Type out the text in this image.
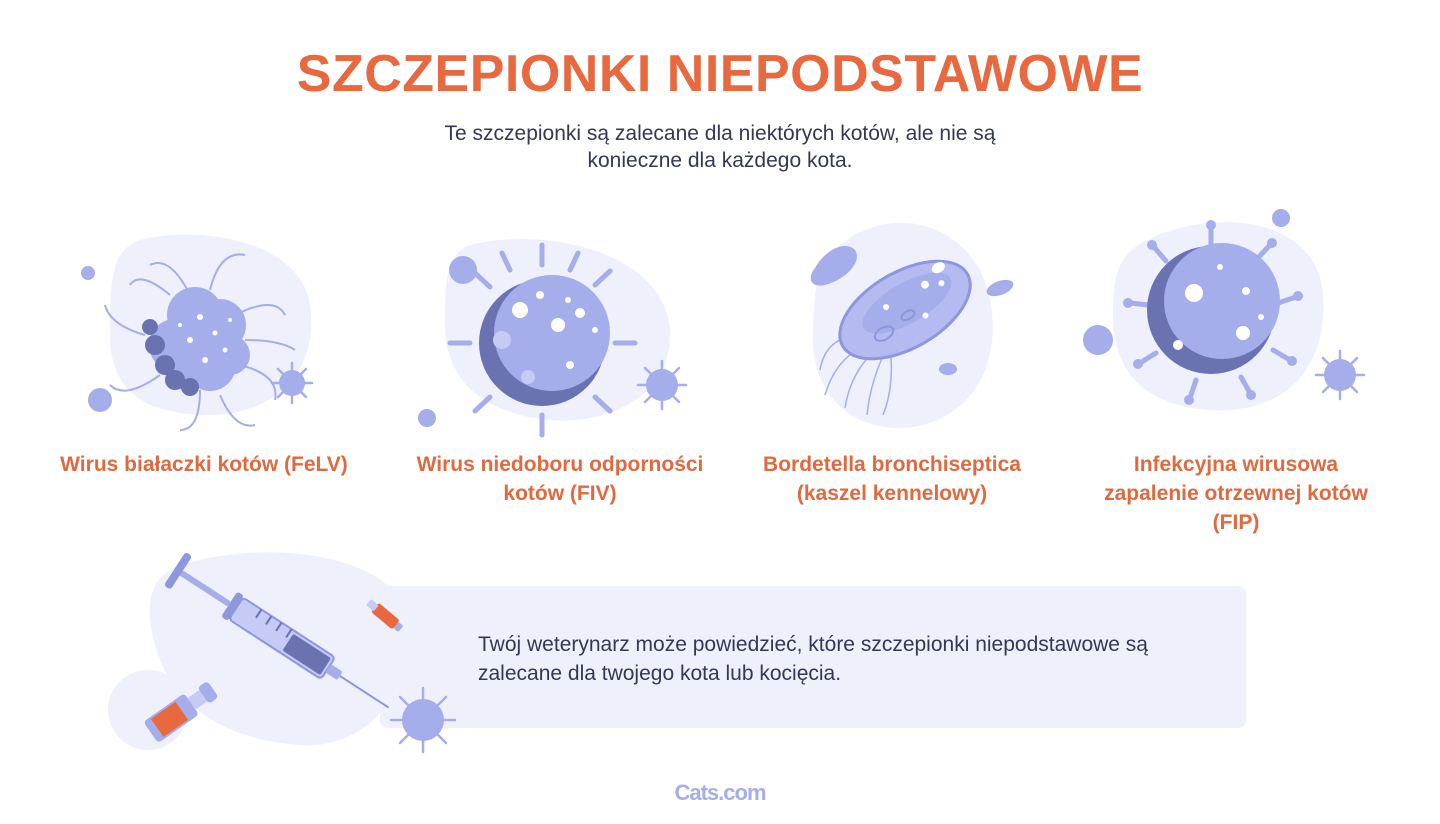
SZCZEPIONKI NIEPODSTAWOWE

Te szczepionki są zalecane dla niektórych kotów, ale nie są konieczne dla każdego kota.

Wirus białaczki kotów (FeLV)	Wirus niedoboru odporności kotów (FIV)

Bordetella bronchiseptica (kaszel kennelowy)

Infekcyjna wirusowa zapalenie otrzewnej kotów (FIP)

Twój weterynarz może powiedzieć, które szczepionki niepodstawowe są zalecane dla twojego kota lub kocięcia.

Cats.com
